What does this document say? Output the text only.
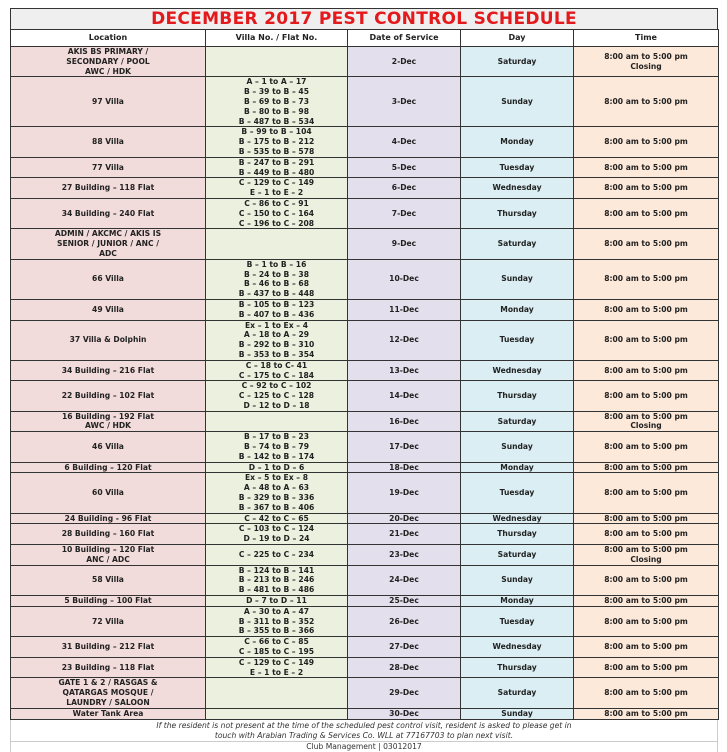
DECEMBER 2017 PEST CONTROL SCHEDULE
Location	Villa No. / Flat No.	Date of Service	Day	Time

AKIS BS PRIMARY /
SECONDARY / POOL
AWC / HDK		2-Dec	Saturday	8:00 am to 5:00 pm
Closing

97 Villa	A – 1 to A – 17
B – 39 to B – 45
B – 69 to B – 73
B – 80 to B – 98
B – 487 to B – 534	3-Dec	Sunday	8:00 am to 5:00 pm

88 Villa	B – 99 to B – 104
B – 175 to B – 212
B – 535 to B – 578	4-Dec	Monday	8:00 am to 5:00 pm

77 Villa	B – 247 to B – 291
B – 449 to B – 480	5-Dec	Tuesday	8:00 am to 5:00 pm

27 Building – 118 Flat	C – 129 to C – 149
E – 1 to E – 2	6-Dec	Wednesday	8:00 am to 5:00 pm

34 Building – 240 Flat	C – 86 to C – 91
C – 150 to C – 164
C – 196 to C – 208	7-Dec	Thursday	8:00 am to 5:00 pm

ADMIN / AKCMC / AKIS IS
SENIOR / JUNIOR / ANC /
ADC		9-Dec	Saturday	8:00 am to 5:00 pm

66 Villa	B – 1 to B – 16
B – 24 to B – 38
B – 46 to B – 68
B – 437 to B – 448	10-Dec	Sunday	8:00 am to 5:00 pm

49 Villa	B – 105 to B – 123
B – 407 to B – 436	11-Dec	Monday	8:00 am to 5:00 pm

37 Villa & Dolphin	Ex – 1 to Ex – 4
A – 18 to A – 29
B – 292 to B – 310
B – 353 to B – 354	12-Dec	Tuesday	8:00 am to 5:00 pm

34 Building – 216 Flat	C – 18 to C- 41
C – 175 to C – 184	13-Dec	Wednesday	8:00 am to 5:00 pm

22 Building – 102 Flat	C – 92 to C – 102
C – 125 to C – 128
D – 12 to D – 18	14-Dec	Thursday	8:00 am to 5:00 pm

16 Building - 192 Flat
AWC / HDK		16-Dec	Saturday	8:00 am to 5:00 pm
Closing

46 Villa	B – 17 to B – 23
B – 74 to B – 79
B – 142 to B – 174	17-Dec	Sunday	8:00 am to 5:00 pm

6 Building – 120 Flat	D – 1 to D – 6	18-Dec	Monday	8:00 am to 5:00 pm

60 Villa	Ex – 5 to Ex – 8
A – 48 to A – 63
B – 329 to B – 336
B – 367 to B – 406	19-Dec	Tuesday	8:00 am to 5:00 pm

24 Building - 96 Flat	C – 42 to C – 65	20-Dec	Wednesday	8:00 am to 5:00 pm

28 Building – 160 Flat	C – 103 to C – 124
D – 19 to D – 24	21-Dec	Thursday	8:00 am to 5:00 pm

10 Building – 120 Flat
ANC / ADC	C – 225 to C – 234	23-Dec	Saturday	8:00 am to 5:00 pm
Closing

58 Villa	B – 124 to B – 141
B – 213 to B – 246
B – 481 to B – 486	24-Dec	Sunday	8:00 am to 5:00 pm

5 Building – 100 Flat	D – 7 to D – 11	25-Dec	Monday	8:00 am to 5:00 pm

72 Villa	A – 30 to A – 47
B – 311 to B – 352
B – 355 to B – 366	26-Dec	Tuesday	8:00 am to 5:00 pm

31 Building – 212 Flat	C – 66 to C – 85
C – 185 to C – 195	27-Dec	Wednesday	8:00 am to 5:00 pm

23 Building – 118 Flat	C – 129 to C – 149
E – 1 to E – 2	28-Dec	Thursday	8:00 am to 5:00 pm

GATE 1 & 2 / RASGAS &
QATARGAS MOSQUE /
LAUNDRY / SALOON		29-Dec	Saturday	8:00 am to 5:00 pm

Water Tank Area		30-Dec	Sunday	8:00 am to 5:00 pm
If the resident is not present at the time of the scheduled pest control visit, resident is asked to please get in
touch with Arabian Trading & Services Co. WLL at 77167703 to plan next visit.
Club Management | 03012017
